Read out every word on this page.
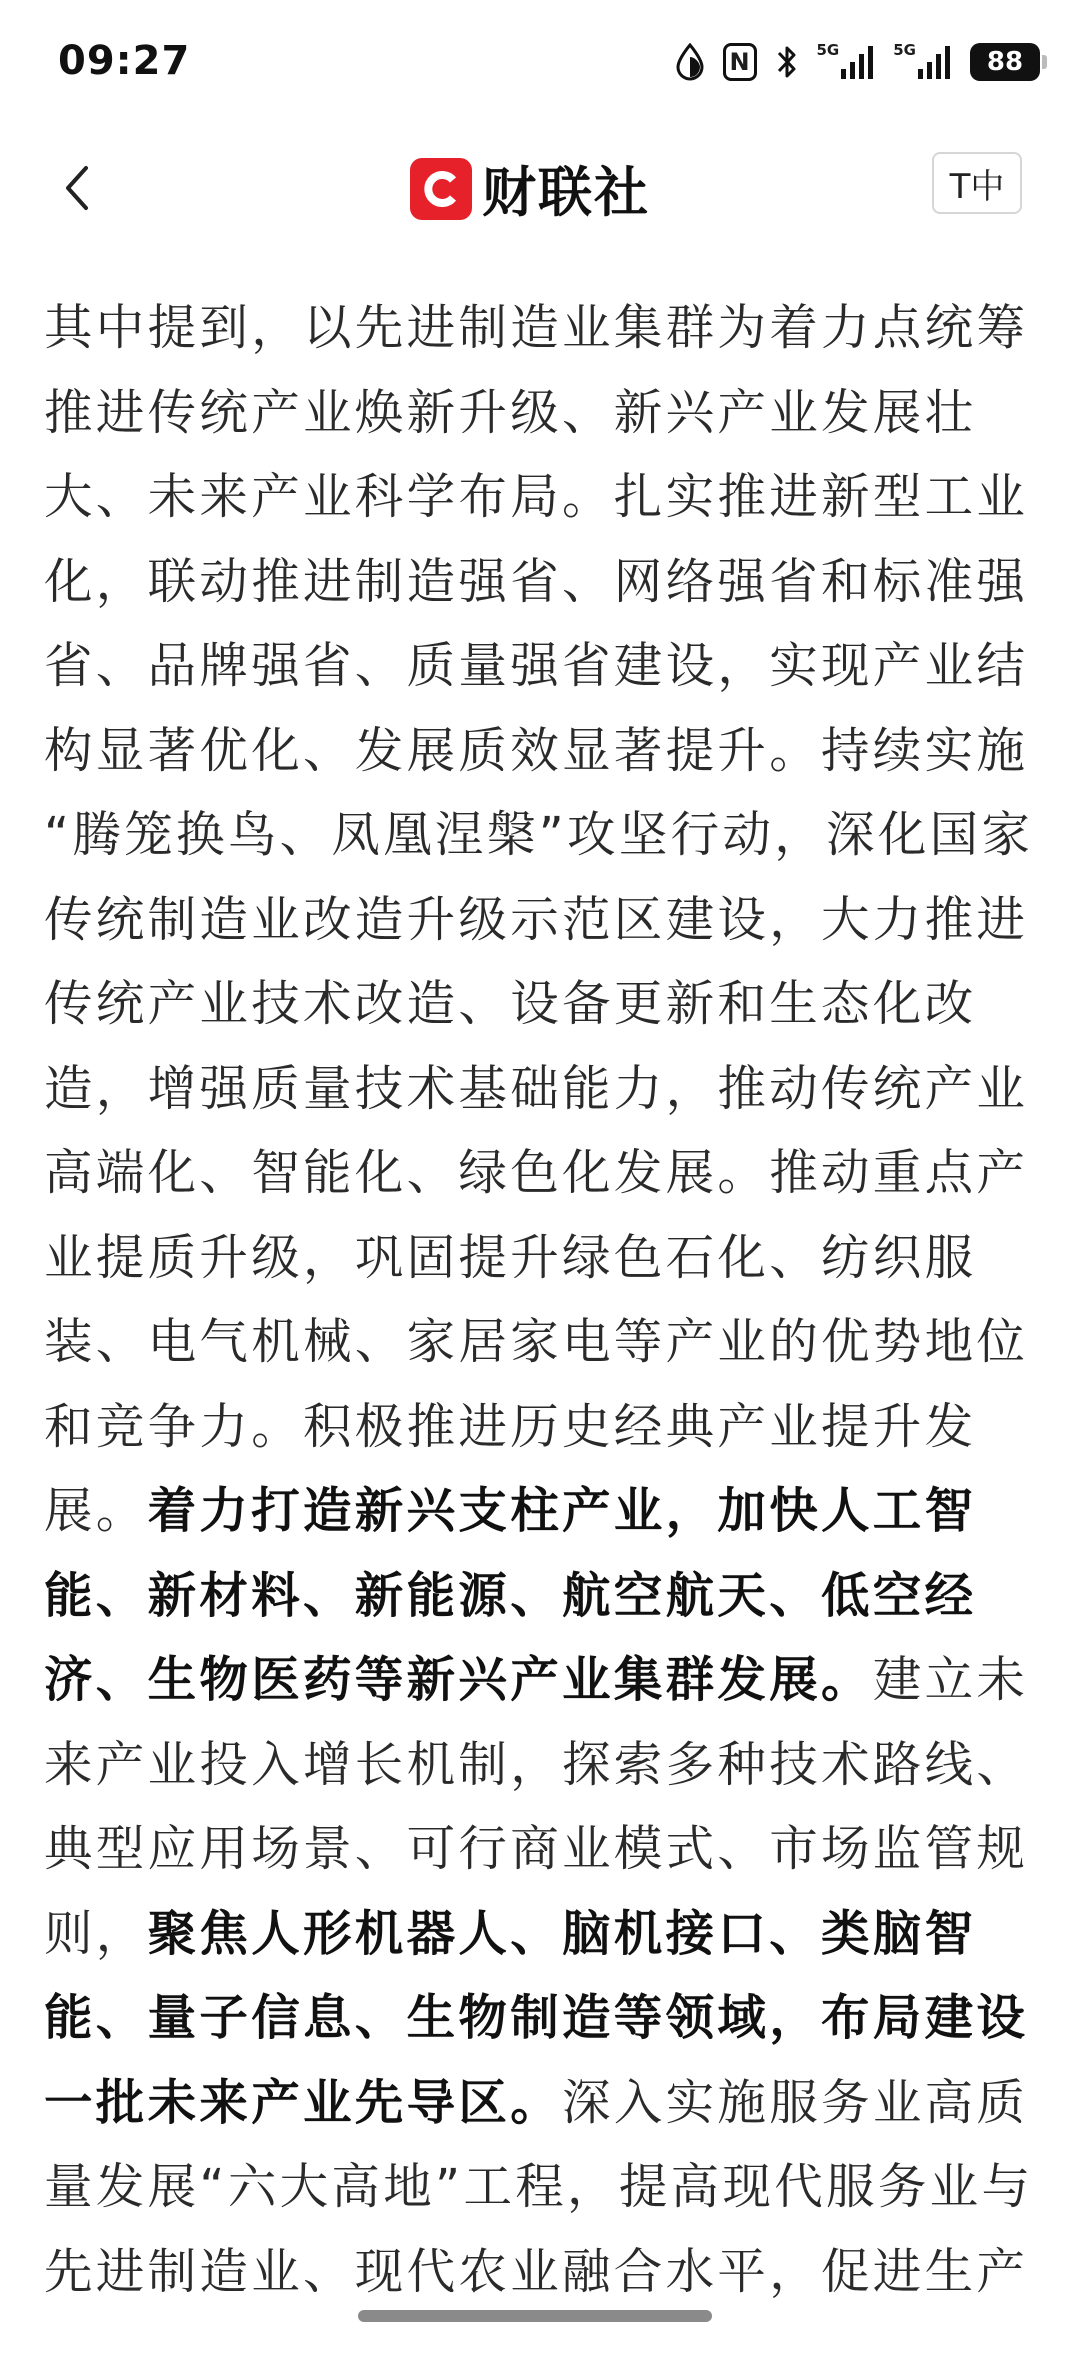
09:27	N	5G	5G	88
财联社	T中
其中提到，以先进制造业集群为着力点统筹
推进传统产业焕新升级、新兴产业发展壮
大、未来产业科学布局。扎实推进新型工业
化，联动推进制造强省、网络强省和标准强
省、品牌强省、质量强省建设，实现产业结
构显著优化、发展质效显著提升。持续实施
“腾笼换鸟、凤凰涅槃”攻坚行动，深化国家
传统制造业改造升级示范区建设，大力推进
传统产业技术改造、设备更新和生态化改
造，增强质量技术基础能力，推动传统产业
高端化、智能化、绿色化发展。推动重点产
业提质升级，巩固提升绿色石化、纺织服
装、电气机械、家居家电等产业的优势地位
和竞争力。积极推进历史经典产业提升发
展。着力打造新兴支柱产业，加快人工智
能、新材料、新能源、航空航天、低空经
济、生物医药等新兴产业集群发展。建立未
来产业投入增长机制，探索多种技术路线、
典型应用场景、可行商业模式、市场监管规
则，聚焦人形机器人、脑机接口、类脑智
能、量子信息、生物制造等领域，布局建设
一批未来产业先导区。深入实施服务业高质
量发展“六大高地”工程，提高现代服务业与
先进制造业、现代农业融合水平，促进生产
